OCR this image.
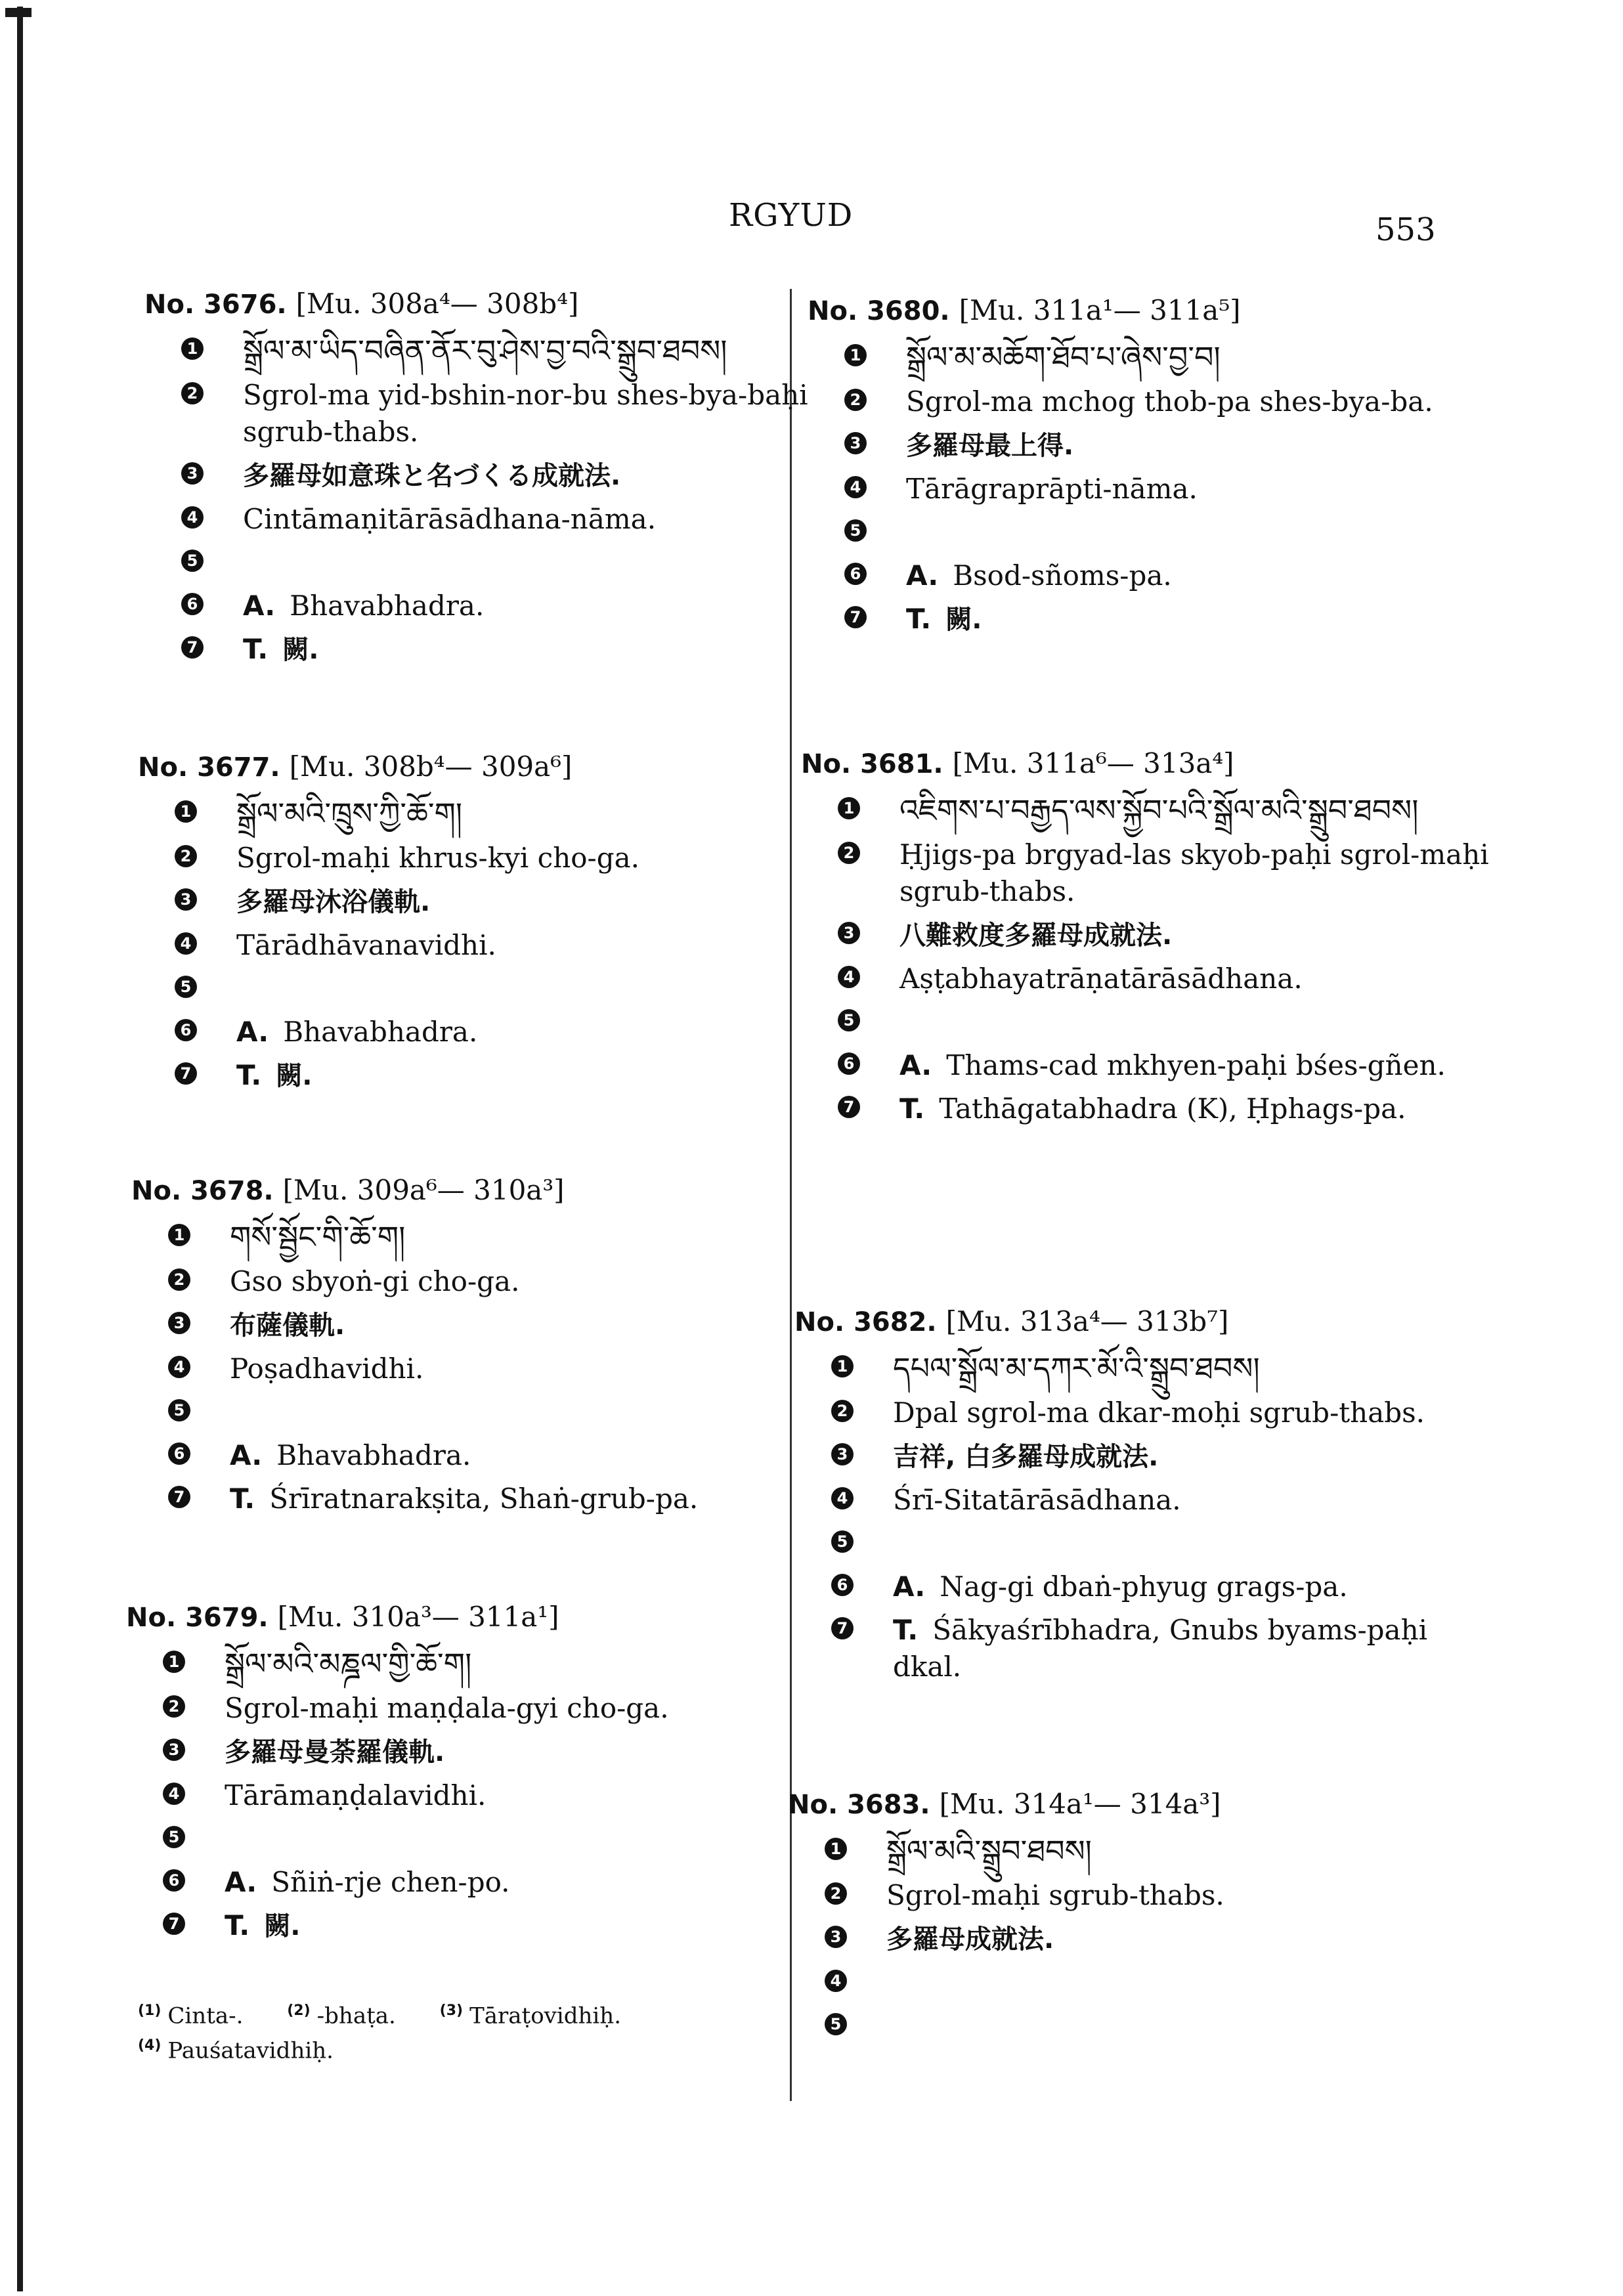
RGYUD	553
No. 3676. [Mu. 308a⁴— 308b⁴]
1 སྒྲོལ་མ་ཡིད་བཞིན་ནོར་བུ་ཤེས་བྱ་བའི་སྒྲུབ་ཐབས།
2 Sgrol-ma yid-bshin-nor-bu shes-bya-baḥi sgrub-thabs.
3 多羅母如意珠と名づくる成就法.
4 Cintāmaṇitārāsādhana-nāma.
5
6 A. Bhavabhadra.
7 T. 闕.
No. 3677. [Mu. 308b⁴— 309a⁶]
1 སྒྲོལ་མའི་ཁྲུས་ཀྱི་ཆོ་ག།
2 Sgrol-maḥi khrus-kyi cho-ga.
3 多羅母沐浴儀軌.
4 Tārādhāvanavidhi.
5
6 A. Bhavabhadra.
7 T. 闕.
No. 3678. [Mu. 309a⁶— 310a³]
1 གསོ་སྦྱོང་གི་ཆོ་ག།
2 Gso sbyoṅ-gi cho-ga.
3 布薩儀軌.
4 Poṣadhavidhi.
5
6 A. Bhavabhadra.
7 T. Śrīratnarakṣita, Shaṅ-grub-pa.
No. 3679. [Mu. 310a³— 311a¹]
1 སྒྲོལ་མའི་མཎྜལ་གྱི་ཆོ་ག།
2 Sgrol-maḥi maṇḍala-gyi cho-ga.
3 多羅母曼荼羅儀軌.
4 Tārāmaṇḍalavidhi.
5
6 A. Sñiṅ-rje chen-po.
7 T. 闕.
No. 3680. [Mu. 311a¹— 311a⁵]
1 སྒྲོལ་མ་མཆོག་ཐོབ་པ་ཞེས་བྱ་བ།
2 Sgrol-ma mchog thob-pa shes-bya-ba.
3 多羅母最上得.
4 Tārāgraprāpti-nāma.
5
6 A. Bsod-sñoms-pa.
7 T. 闕.
No. 3681. [Mu. 311a⁶— 313a⁴]
1 འཇིགས་པ་བརྒྱད་ལས་སྐྱོབ་པའི་སྒྲོལ་མའི་སྒྲུབ་ཐབས།
2 Ḥjigs-pa brgyad-las skyob-paḥi sgrol-maḥi sgrub-thabs.
3 八難救度多羅母成就法.
4 Aṣṭabhayatrāṇatārāsādhana.
5
6 A. Thams-cad mkhyen-paḥi bśes-gñen.
7 T. Tathāgatabhadra (K), Ḥphags-pa.
No. 3682. [Mu. 313a⁴— 313b⁷]
1 དཔལ་སྒྲོལ་མ་དཀར་མོ་འི་སྒྲུབ་ཐབས།
2 Dpal sgrol-ma dkar-moḥi sgrub-thabs.
3 吉祥, 白多羅母成就法.
4 Śrī-Sitatārāsādhana.
5
6 A. Nag-gi dbaṅ-phyug grags-pa.
7 T. Śākyaśrībhadra, Gnubs byams-paḥi dkal.
No. 3683. [Mu. 314a¹— 314a³]
1 སྒྲོལ་མའི་སྒྲུབ་ཐབས།
2 Sgrol-maḥi sgrub-thabs.
3 多羅母成就法.
4
5
$^{(1)}$ Cinta-.	$^{(2)}$ -bhaṭa.	$^{(3)}$ Tāraṭovidhiḥ.
$^{(4)}$ Pauśatavidhiḥ.
